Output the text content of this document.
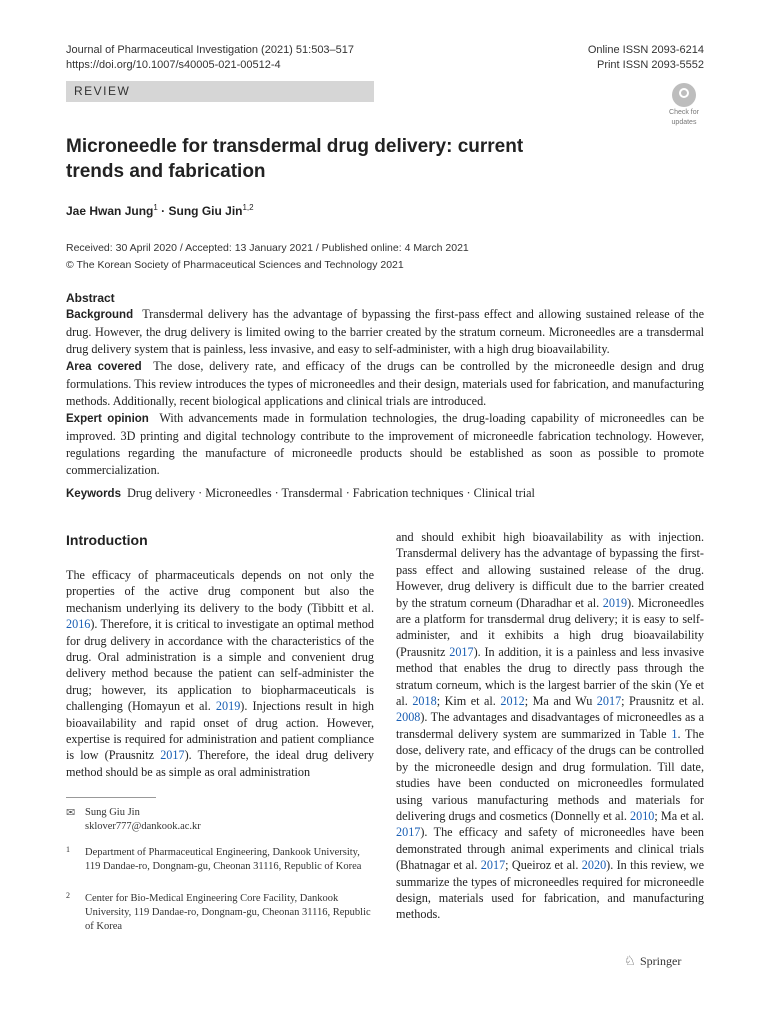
Journal of Pharmaceutical Investigation (2021) 51:503–517
https://doi.org/10.1007/s40005-021-00512-4
Online ISSN 2093-6214
Print ISSN 2093-5552
REVIEW
Check for
updates
Microneedle for transdermal drug delivery: current trends and fabrication
Jae Hwan Jung$^1$ · Sung Giu Jin$^{1,2}$
Received: 30 April 2020 / Accepted: 13 January 2021 / Published online: 4 March 2021
© The Korean Society of Pharmaceutical Sciences and Technology 2021
Abstract

Background Transdermal delivery has the advantage of bypassing the first-pass effect and allowing sustained release of the drug. However, the drug delivery is limited owing to the barrier created by the stratum corneum. Microneedles are a transdermal drug delivery system that is painless, less invasive, and easy to self-administer, with a high drug bioavailability.

Area covered The dose, delivery rate, and efficacy of the drugs can be controlled by the microneedle design and drug formulations. This review introduces the types of microneedles and their design, materials used for fabrication, and manufacturing methods. Additionally, recent biological applications and clinical trials are introduced.

Expert opinion With advancements made in formulation technologies, the drug-loading capability of microneedles can be improved. 3D printing and digital technology contribute to the improvement of microneedle fabrication technology. However, regulations regarding the manufacture of microneedle products should be established as soon as possible to promote commercialization.

Keywords Drug delivery · Microneedles · Transdermal · Fabrication techniques · Clinical trial
Introduction
The efficacy of pharmaceuticals depends on not only the properties of the active drug component but also the mechanism underlying its delivery to the body (Tibbitt et al. 2016). Therefore, it is critical to investigate an optimal method for drug delivery in accordance with the characteristics of the drug. Oral administration is a simple and convenient drug delivery method because the patient can self-administer the drug; however, its application to biopharmaceuticals is challenging (Homayun et al. 2019). Injections result in high bioavailability and rapid onset of drug action. However, expertise is required for administration and patient compliance is low (Prausnitz 2017). Therefore, the ideal drug delivery method should be as simple as oral administration
and should exhibit high bioavailability as with injection. Transdermal delivery has the advantage of bypassing the first-pass effect and allowing sustained release of the drug. However, drug delivery is difficult due to the barrier created by the stratum corneum (Dharadhar et al. 2019). Microneedles are a platform for transdermal drug delivery; it is easy to self-administer, and it exhibits a high drug bioavailability (Prausnitz 2017). In addition, it is a painless and less invasive method that enables the drug to directly pass through the stratum corneum, which is the largest barrier of the skin (Ye et al. 2018; Kim et al. 2012; Ma and Wu 2017; Prausnitz et al. 2008). The advantages and disadvantages of microneedles as a transdermal delivery system are summarized in Table 1. The dose, delivery rate, and efficacy of the drugs can be controlled by the microneedle design and drug formulation. Till date, studies have been conducted on microneedles formulated using various manufacturing methods and materials for delivering drugs and cosmetics (Donnelly et al. 2010; Ma et al. 2017). The efficacy and safety of microneedles have been demonstrated through animal experiments and clinical trials (Bhatnagar et al. 2017; Queiroz et al. 2020). In this review, we summarize the types of microneedles required for microneedle design, materials used for fabrication, and manufacturing methods.
✉ Sung Giu Jin
sklover777@dankook.ac.kr
1 Department of Pharmaceutical Engineering, Dankook University, 119 Dandae-ro, Dongnam-gu, Cheonan 31116, Republic of Korea
2 Center for Bio-Medical Engineering Core Facility, Dankook University, 119 Dandae-ro, Dongnam-gu, Cheonan 31116, Republic of Korea
♘ Springer
